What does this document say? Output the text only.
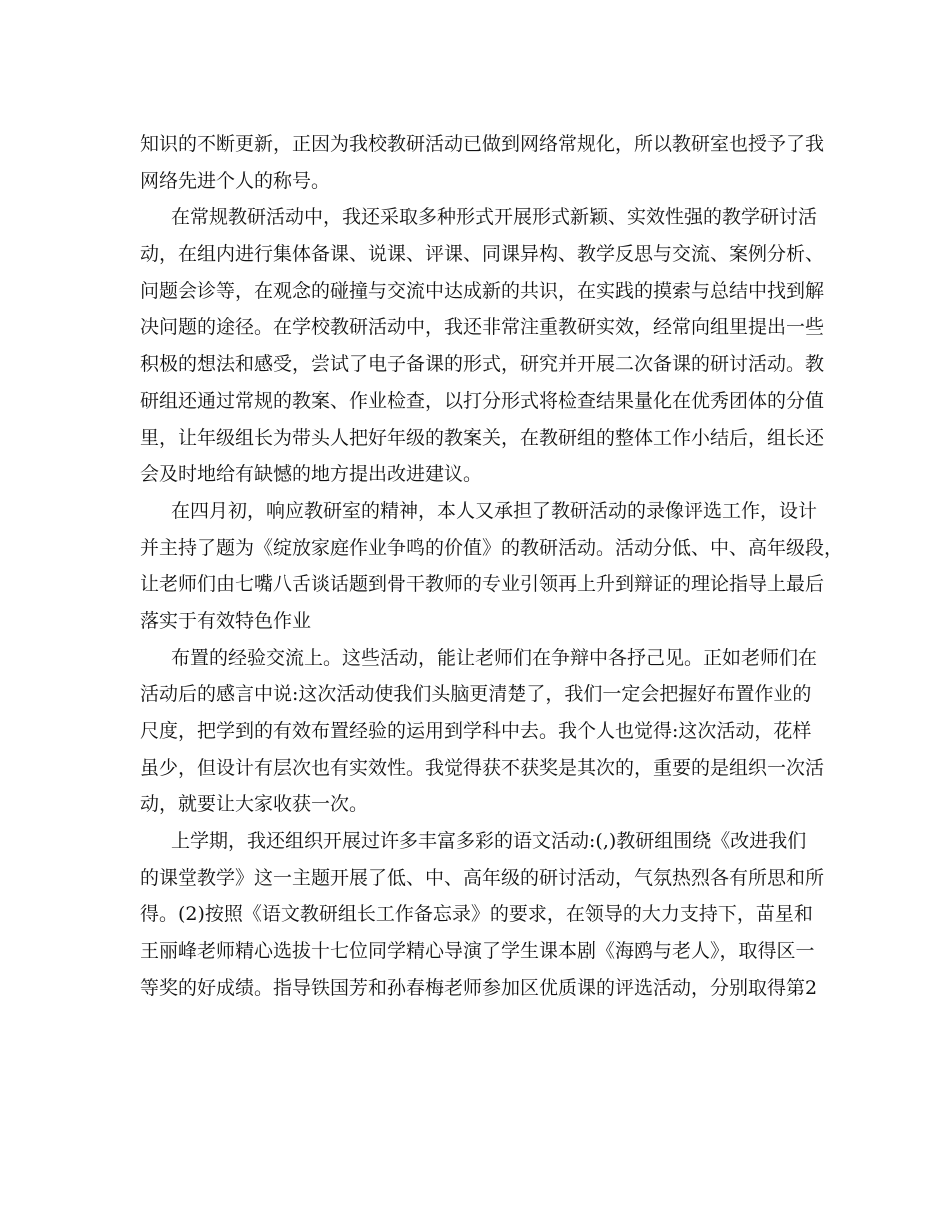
知识的不断更新，正因为我校教研活动已做到网络常规化，所以教研室也授予了我
网络先进个人的称号。
在常规教研活动中，我还采取多种形式开展形式新颖、实效性强的教学研讨活
动，在组内进行集体备课、说课、评课、同课异构、教学反思与交流、案例分析、
问题会诊等，在观念的碰撞与交流中达成新的共识，在实践的摸索与总结中找到解
决问题的途径。在学校教研活动中，我还非常注重教研实效，经常向组里提出一些
积极的想法和感受，尝试了电子备课的形式，研究并开展二次备课的研讨活动。教
研组还通过常规的教案、作业检查，以打分形式将检查结果量化在优秀团体的分值
里，让年级组长为带头人把好年级的教案关，在教研组的整体工作小结后，组长还
会及时地给有缺憾的地方提出改进建议。
在四月初，响应教研室的精神，本人又承担了教研活动的录像评选工作，设计
并主持了题为《绽放家庭作业争鸣的价值》的教研活动。活动分低、中、高年级段，
让老师们由七嘴八舌谈话题到骨干教师的专业引领再上升到辩证的理论指导上最后
落实于有效特色作业
布置的经验交流上。这些活动，能让老师们在争辩中各抒己见。正如老师们在
活动后的感言中说:这次活动使我们头脑更清楚了，我们一定会把握好布置作业的
尺度，把学到的有效布置经验的运用到学科中去。我个人也觉得:这次活动，花样
虽少，但设计有层次也有实效性。我觉得获不获奖是其次的，重要的是组织一次活
动，就要让大家收获一次。
上学期，我还组织开展过许多丰富多彩的语文活动:(,)教研组围绕《改进我们
的课堂教学》这一主题开展了低、中、高年级的研讨活动，气氛热烈各有所思和所
得。(2)按照《语文教研组长工作备忘录》的要求，在领导的大力支持下，苗星和
王丽峰老师精心选拔十七位同学精心导演了学生课本剧《海鸥与老人》，取得区一
等奖的好成绩。指导铁国芳和孙春梅老师参加区优质课的评选活动，分别取得第2
